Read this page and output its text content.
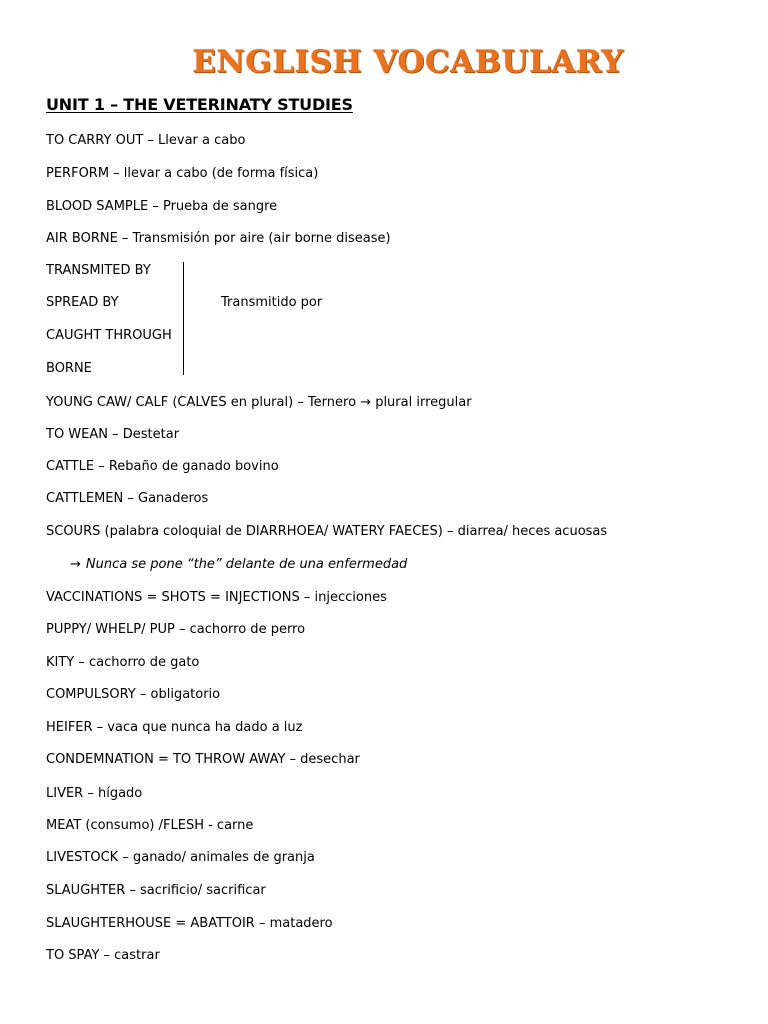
ENGLISH VOCABULARY
UNIT 1 – THE VETERINATY STUDIES
TO CARRY OUT – Llevar a cabo
PERFORM – llevar a cabo (de forma física)
BLOOD SAMPLE – Prueba de sangre
AIR BORNE – Transmisión por aire (air borne disease)
TRANSMITED BY
SPREAD BY
CAUGHT THROUGH
BORNE
Transmitido por
YOUNG CAW/ CALF (CALVES en plural) – Ternero → plural irregular
TO WEAN – Destetar
CATTLE – Rebaño de ganado bovino
CATTLEMEN – Ganaderos
SCOURS (palabra coloquial de DIARRHOEA/ WATERY FAECES) – diarrea/ heces acuosas
→ Nunca se pone “the” delante de una enfermedad
VACCINATIONS = SHOTS = INJECTIONS – injecciones
PUPPY/ WHELP/ PUP – cachorro de perro
KITY – cachorro de gato
COMPULSORY – obligatorio
HEIFER – vaca que nunca ha dado a luz
CONDEMNATION = TO THROW AWAY – desechar
LIVER – hígado
MEAT (consumo) /FLESH - carne
LIVESTOCK – ganado/ animales de granja
SLAUGHTER – sacrificio/ sacrificar
SLAUGHTERHOUSE = ABATTOIR – matadero
TO SPAY – castrar
